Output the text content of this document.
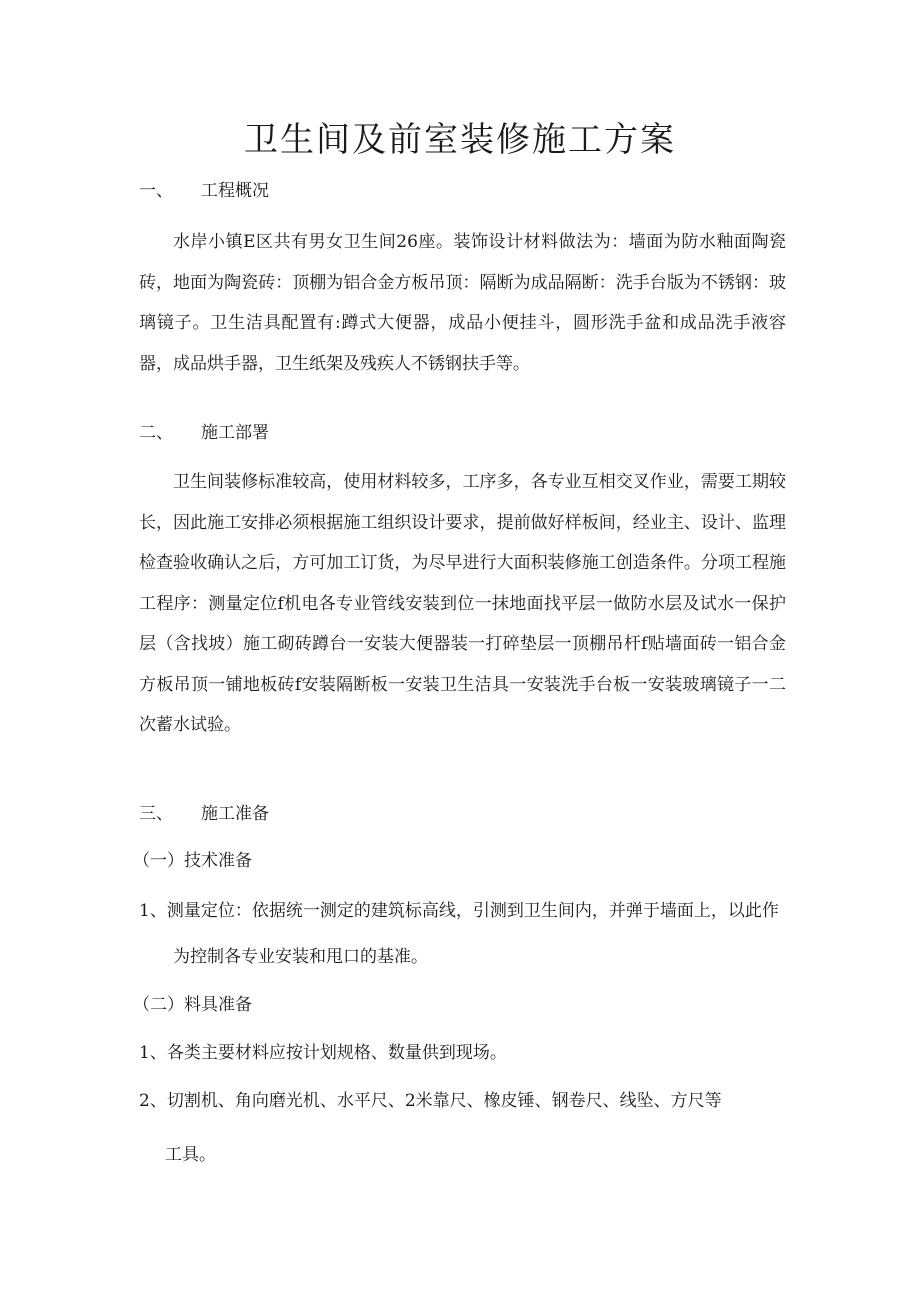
卫生间及前室装修施工方案
一、 工程概况

水岸小镇E区共有男女卫生间26座。装饰设计材料做法为：墙面为防水釉面陶瓷砖，地面为陶瓷砖：顶棚为铝合金方板吊顶：隔断为成品隔断：洗手台版为不锈钢：玻璃镜子。卫生洁具配置有:蹲式大便器，成品小便挂斗，圆形洗手盆和成品洗手液容器，成品烘手器，卫生纸架及残疾人不锈钢扶手等。

二、 施工部署

卫生间装修标准较高，使用材料较多，工序多，各专业互相交叉作业，需要工期较长，因此施工安排必须根据施工组织设计要求，提前做好样板间，经业主、设计、监理检查验收确认之后，方可加工订货，为尽早进行大面积装修施工创造条件。分项工程施工程序：测量定位f机电各专业管线安装到位一抹地面找平层一做防水层及试水一保护层（含找坡）施工砌砖蹲台一安装大便器装一打碎垫层一顶棚吊杆f贴墙面砖一铝合金方板吊顶一铺地板砖f安装隔断板一安装卫生洁具一安装洗手台板一安装玻璃镜子一二次蓄水试验。

三、 施工准备
（一）技术准备
1、测量定位：依据统一测定的建筑标高线，引测到卫生间内，并弹于墙面上，以此作
为控制各专业安装和甩口的基准。
（二）料具准备
1、各类主要材料应按计划规格、数量供到现场。
2、切割机、角向磨光机、水平尺、2米靠尺、橡皮锤、钢卷尺、线坠、方尺等
工具。
